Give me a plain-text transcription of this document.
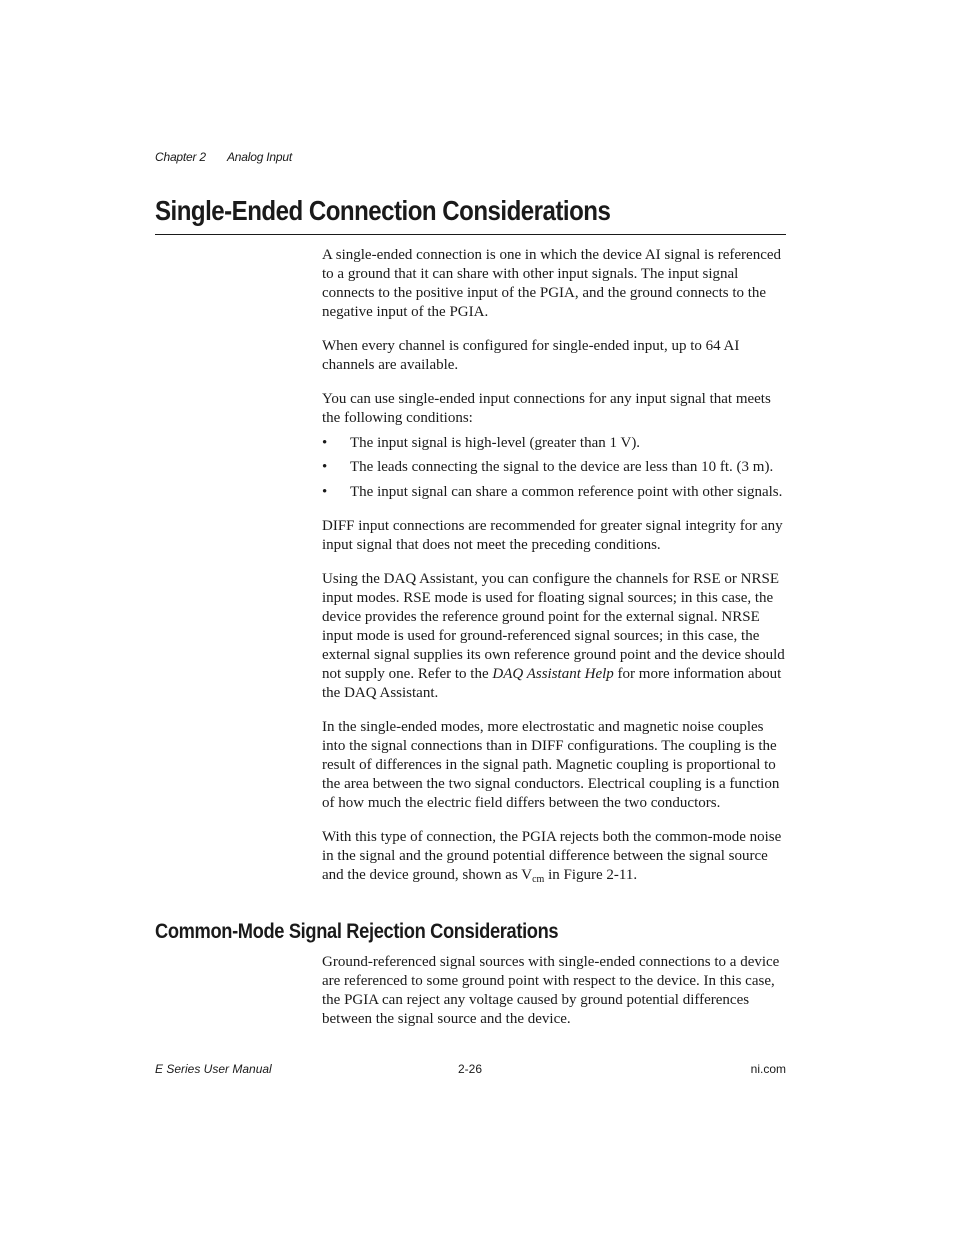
Chapter 2 Analog Input
Single-Ended Connection Considerations

A single-ended connection is one in which the device AI signal is referenced to a ground that it can share with other input signals. The input signal connects to the positive input of the PGIA, and the ground connects to the negative input of the PGIA.

When every channel is configured for single-ended input, up to 64 AI channels are available.

You can use single-ended input connections for any input signal that meets the following conditions:

• The input signal is high-level (greater than 1 V).
• The leads connecting the signal to the device are less than 10 ft. (3 m).
• The input signal can share a common reference point with other signals.

DIFF input connections are recommended for greater signal integrity for any input signal that does not meet the preceding conditions.

Using the DAQ Assistant, you can configure the channels for RSE or NRSE input modes. RSE mode is used for floating signal sources; in this case, the device provides the reference ground point for the external signal. NRSE input mode is used for ground-referenced signal sources; in this case, the external signal supplies its own reference ground point and the device should not supply one. Refer to the DAQ Assistant Help for more information about the DAQ Assistant.

In the single-ended modes, more electrostatic and magnetic noise couples into the signal connections than in DIFF configurations. The coupling is the result of differences in the signal path. Magnetic coupling is proportional to the area between the two signal conductors. Electrical coupling is a function of how much the electric field differs between the two conductors.

With this type of connection, the PGIA rejects both the common-mode noise in the signal and the ground potential difference between the signal source and the device ground, shown as $V_{cm}$ in Figure 2-11.

Common-Mode Signal Rejection Considerations

Ground-referenced signal sources with single-ended connections to a device are referenced to some ground point with respect to the device. In this case, the PGIA can reject any voltage caused by ground potential differences between the signal source and the device.

E Series User Manual	2-26	ni.com
